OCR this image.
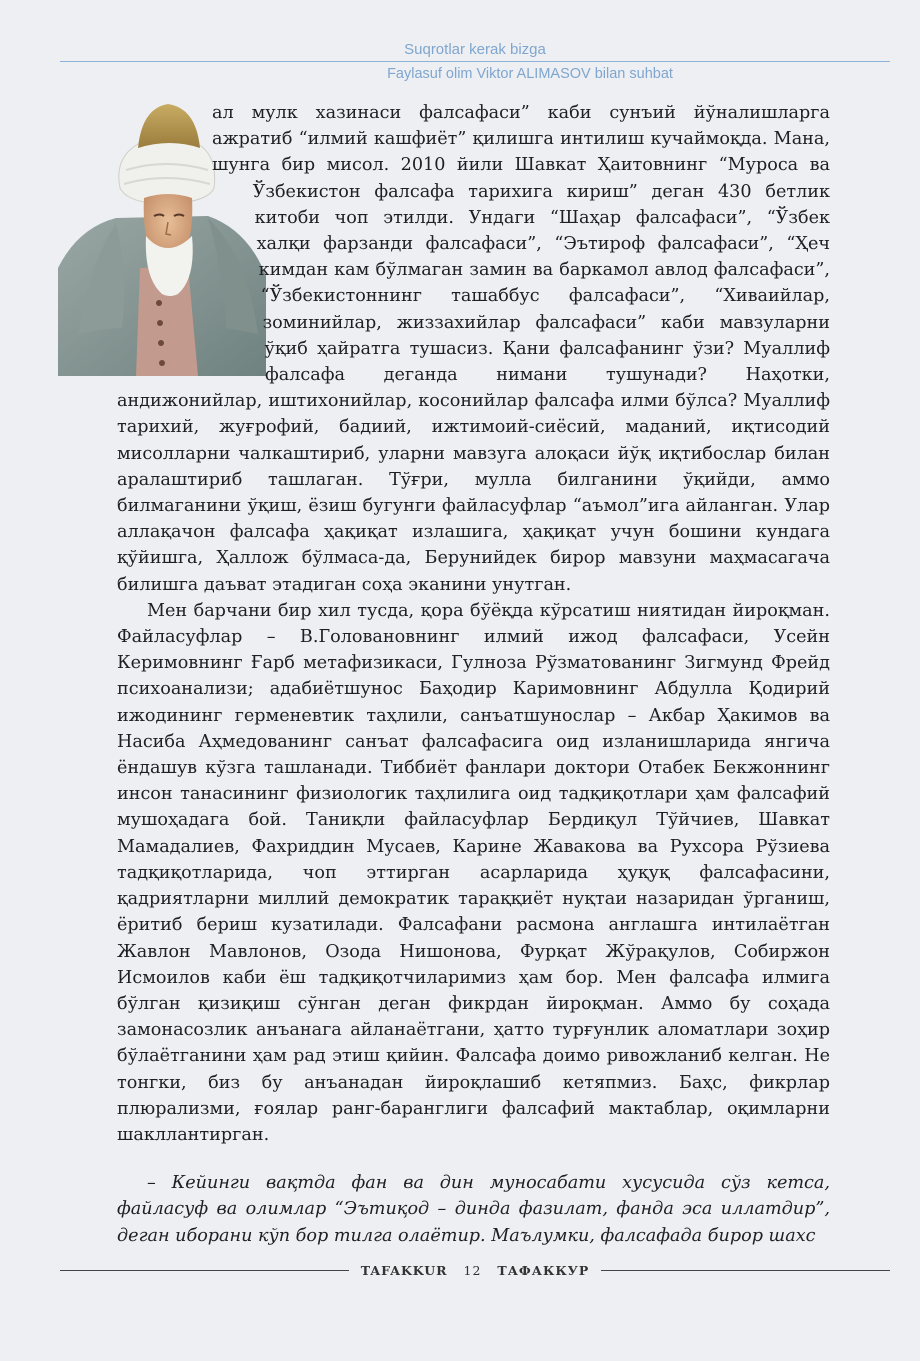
Suqrotlar kerak bizga
Faylasuf olim Viktor ALIMASOV bilan suhbat

ал мулк хазинаси фалсафаси” каби сунъий йўналишларга ажратиб “илмий кашфиёт” қилишга интилиш кучаймоқда. Мана, шунга бир мисол. 2010 йили Шавкат Ҳаитовнинг “Муроса ва Ўзбекистон фалсафа тарихига кириш” деган 430 бетлик китоби чоп этилди. Ундаги “Шаҳар фалсафаси”, “Ўзбек халқи фарзанди фалсафаси”, “Эътироф фалсафаси”, “Ҳеч кимдан кам бўлмаган замин ва баркамол авлод фалсафаси”, “Ўзбекистоннинг ташаббус фалсафаси”, “Хиваийлар, зоминийлар, жиззахийлар фалсафаси” каби мавзуларни ўқиб ҳайратга тушасиз. Қани фалсафанинг ўзи? Муаллиф фалсафа деганда нимани тушунади? Наҳотки, андижонийлар, иштихонийлар, косонийлар фалсафа илми бўлса? Муаллиф тарихий, жуғрофий, бадиий, ижтимоий-сиёсий, маданий, иқтисодий мисолларни чалкаштириб, уларни мавзуга алоқаси йўқ иқтибослар билан аралаштириб ташлаган. Тўғри, мулла билганини ўқийди, аммо билмаганини ўқиш, ёзиш бугунги файласуфлар “аъмол”ига айланган. Улар аллақачон фалсафа ҳақиқат излашига, ҳақиқат учун бошини кундага қўйишга, Ҳаллож бўлмаса-да, Берунийдек бирор мавзуни маҳмасагача билишга даъват этадиган соҳа эканини унутган.

Мен барчани бир хил тусда, қора бўёқда кўрсатиш ниятидан йироқман. Файласуфлар – В.Головановнинг илмий ижод фалсафаси, Усейн Керимовнинг Ғарб метафизикаси, Гулноза Рўзматованинг Зигмунд Фрейд психоанализи; адабиётшунос Баҳодир Каримовнинг Абдулла Қодирий ижодининг герменевтик таҳлили, санъатшунослар – Акбар Ҳакимов ва Насиба Аҳмедованинг санъат фалсафасига оид изланишларида янгича ёндашув кўзга ташланади. Тиббиёт фанлари доктори Отабек Бекжоннинг инсон танасининг физиологик таҳлилига оид тадқиқотлари ҳам фалсафий мушоҳадага бой. Таниқли файласуфлар Бердиқул Тўйчиев, Шавкат Мамадалиев, Фахриддин Мусаев, Карине Жавакова ва Рухсора Рўзиева тадқиқотларида, чоп эттирган асарларида ҳуқуқ фалсафасини, қадриятларни миллий демократик тараққиёт нуқтаи назаридан ўрганиш, ёритиб бериш кузатилади. Фалсафани расмона англашга интилаётган Жавлон Мавлонов, Озода Нишонова, Фурқат Жўрақулов, Собиржон Исмоилов каби ёш тадқиқотчиларимиз ҳам бор. Мен фалсафа илмига бўлган қизиқиш сўнган деган фикрдан йироқман. Аммо бу соҳада замонасозлик анъанага айланаётгани, ҳатто турғунлик аломатлари зоҳир бўлаётганини ҳам рад этиш қийин. Фалсафа доимо ривожланиб келган. Не тонгки, биз бу анъанадан йироқлашиб кетяпмиз. Баҳс, фикрлар плюрализми, ғоялар ранг-баранглиги фалсафий мактаблар, оқимларни шакллантирган.

– Кейинги вақтда фан ва дин муносабати хусусида сўз кетса, файласуф ва олимлар “Эътиқод – динда фазилат, фанда эса иллатдир”, деган иборани кўп бор тилга олаётир. Маълумки, фалсафада бирор шахс

TAFAKKUR	12	ТАФАККУР
